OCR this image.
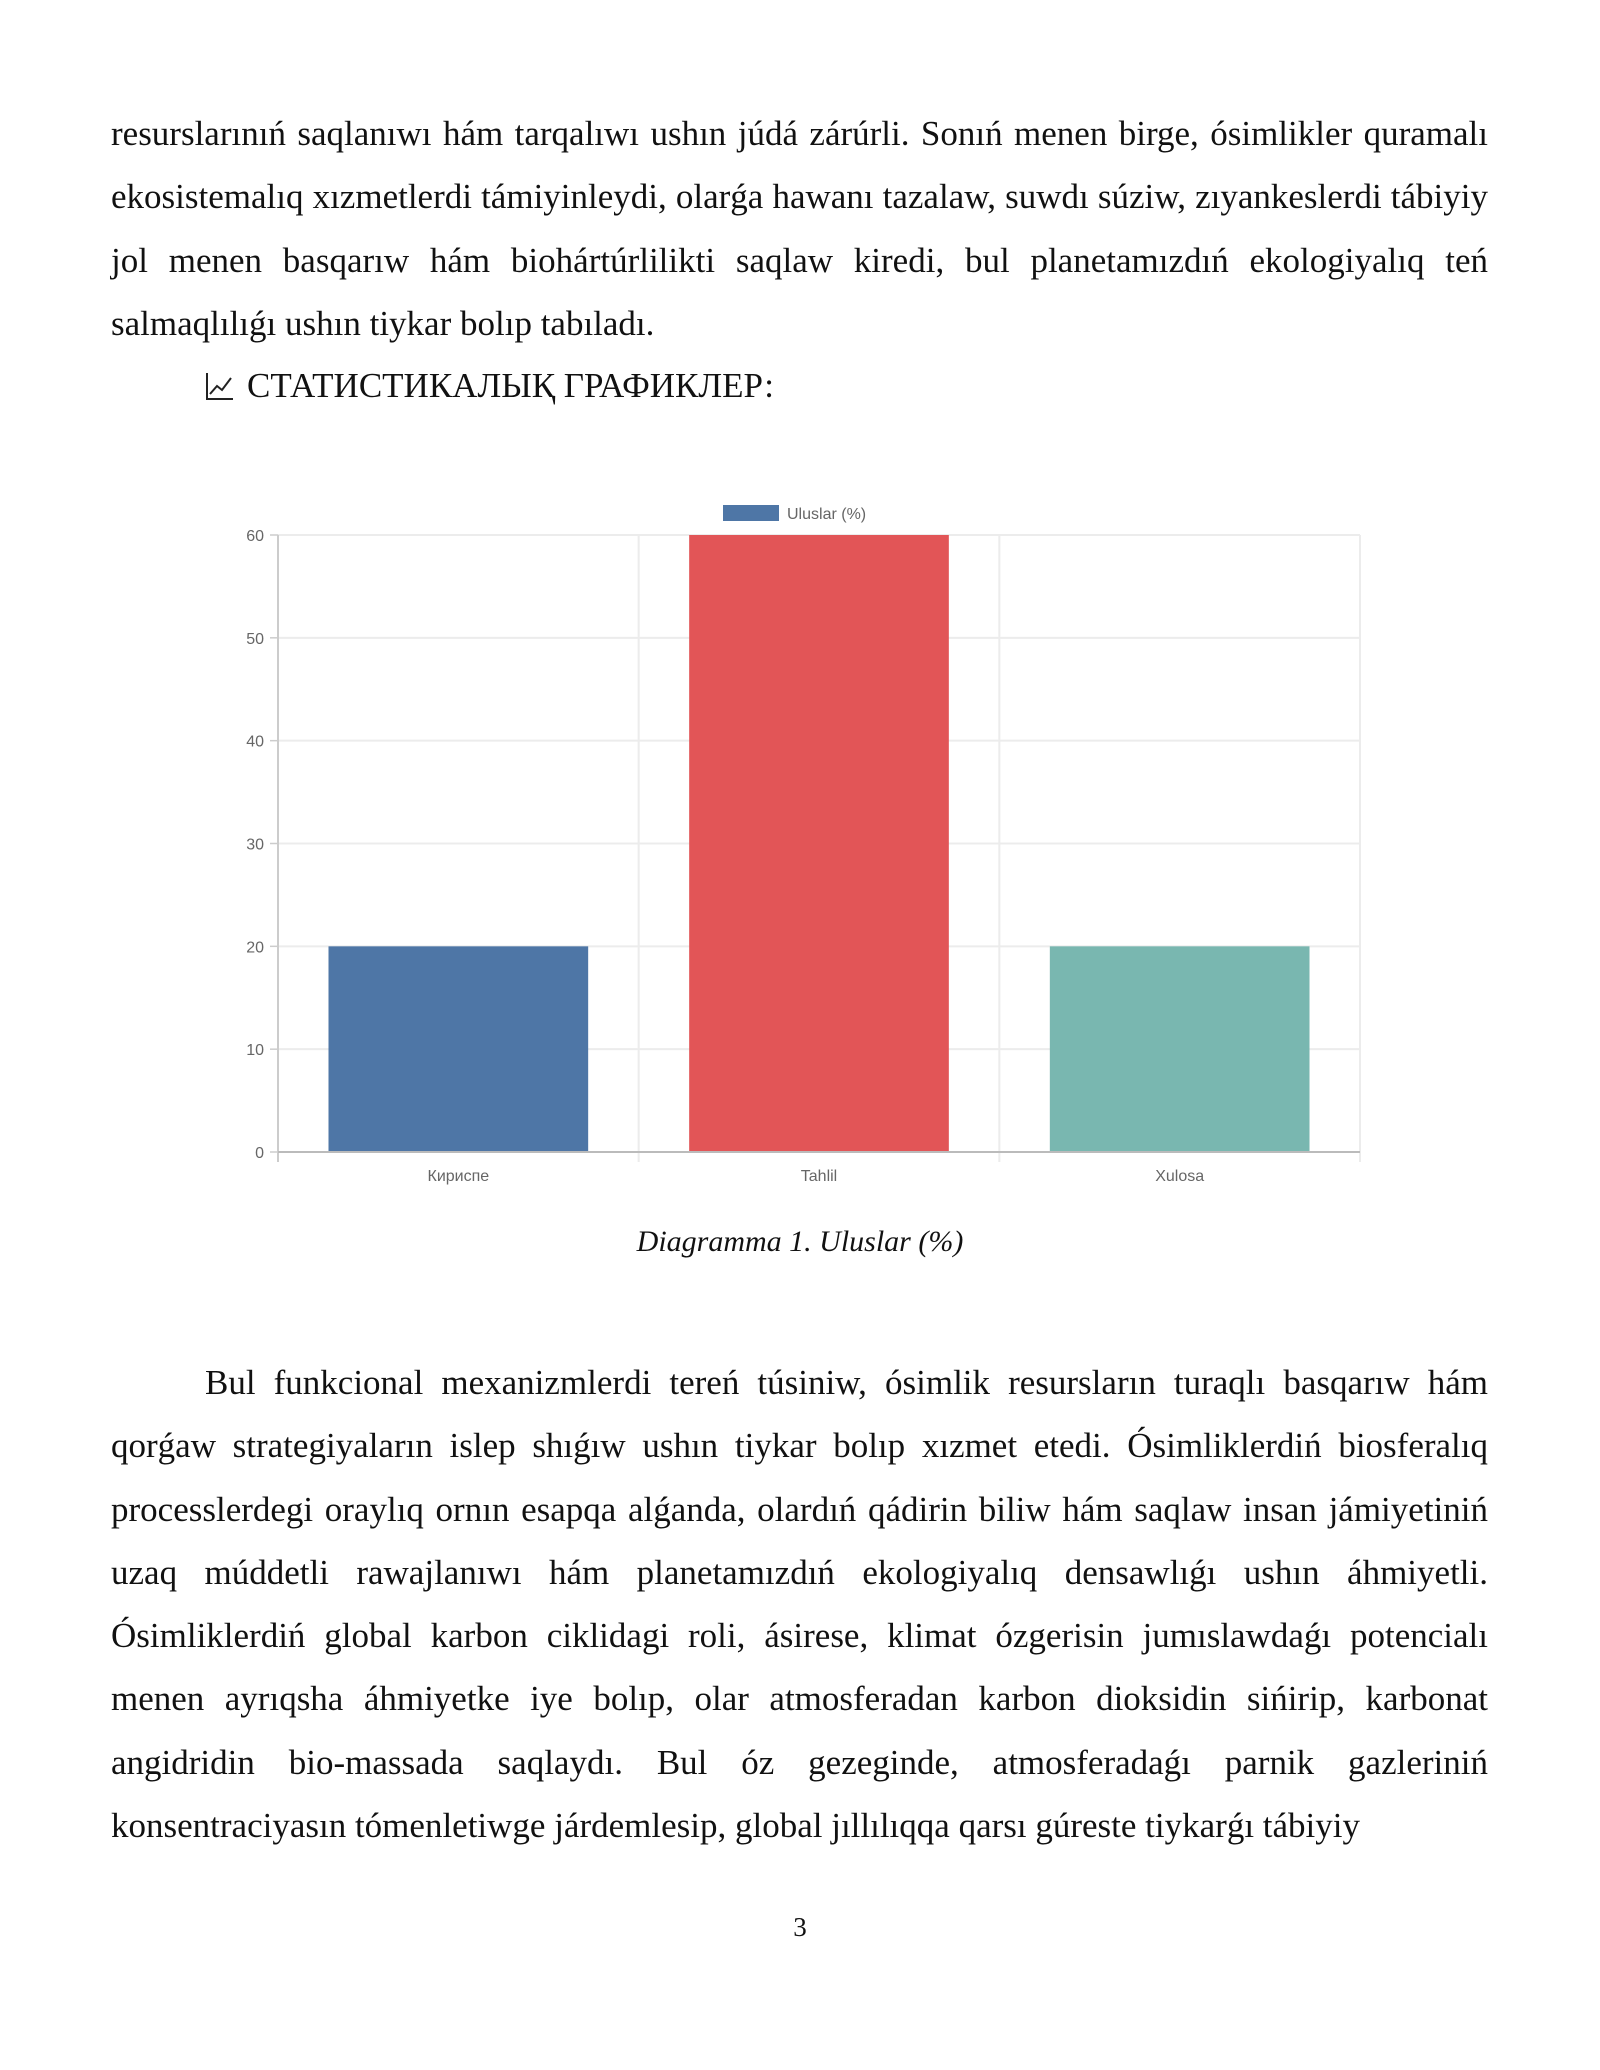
resurslarınıń saqlanıwı hám tarqalıwı ushın júdá zárúrli. Sonıń menen birge, ósimlikler quramalı ekosistemalıq xızmetlerdi támiyinleydi, olarǵa hawanı tazalaw, suwdı súziw, zıyankeslerdi tábiyiy jol menen basqarıw hám biohártúrlilikti saqlaw kiredi, bul planetamızdıń ekologiyalıq teń salmaqlılıǵı ushın tiykar bolıp tabıladı.

СТАТИСТИКАЛЫҚ ГРАФИКЛЕР:
0
10
20
30
40
50
60
Кириспе	Tahlil	Xulosa
Uluslar (%)

Diagramma 1. Uluslar (%)

Bul funkcional mexanizmlerdi tereń túsiniw, ósimlik resursların turaqlı basqarıw hám qorǵaw strategiyaların islep shıǵıw ushın tiykar bolıp xızmet etedi. Ósimliklerdiń biosferalıq processlerdegi oraylıq ornın esapqa alǵanda, olardıń qádirin biliw hám saqlaw insan jámiyetiniń uzaq múddetli rawajlanıwı hám planetamızdıń ekologiyalıq densawlıǵı ushın áhmiyetli. Ósimliklerdiń global karbon ciklidagi roli, ásirese, klimat ózgerisin jumıslawdaǵı potencialı menen ayrıqsha áhmiyetke iye bolıp, olar atmosferadan karbon dioksidin sińirip, karbonat angidridin bio-massada saqlaydı. Bul óz gezeginde, atmosferadaǵı parnik gazleriniń konsentraciyasın tómenletiwge járdemlesip, global jıllılıqqa qarsı gúreste tiykarǵı tábiyiy

3
